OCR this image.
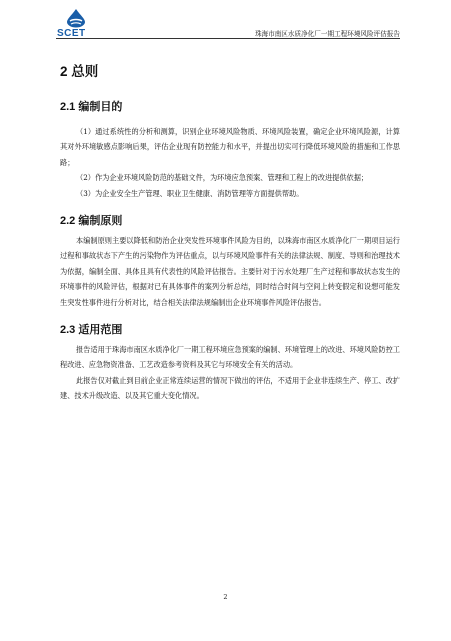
SCET	珠海市南区水质净化厂一期工程环境风险评估报告
2 总则
2.1 编制目的

（1）通过系统性的分析和测算，识别企业环境风险物质、环境风险装置，确定企业环境风险源，计算其对外环境敏感点影响后果，评估企业现有防控能力和水平，并提出切实可行降低环境风险的措施和工作思路；

（2）作为企业环境风险防范的基础文件，为环境应急预案、管理和工程上的改进提供依据；

（3）为企业安全生产管理、职业卫生健康、消防管理等方面提供帮助。

2.2 编制原则

本编制原则主要以降低和防治企业突发性环境事件风险为目的，以珠海市南区水质净化厂一期项目运行过程和事故状态下产生的污染物作为评估重点，以与环境风险事件有关的法律法规、制度、导则和治理技术为依据，编制全面、具体且具有代表性的风险评估报告。主要针对于污水处理厂生产过程和事故状态发生的环境事件的风险评估，根据对已有具体事件的案列分析总结，同时结合时间与空间上转变假定和设想可能发生突发性事件进行分析对比，结合相关法律法规编制出企业环境事件风险评估报告。

2.3 适用范围

报告适用于珠海市南区水质净化厂一期工程环境应急预案的编制、环境管理上的改进、环境风险防控工程改进、应急物资准备、工艺改造参考资料及其它与环境安全有关的活动。

此报告仅对截止到目前企业正常连续运营的情况下做出的评估，不适用于企业非连续生产、停工、改扩建、技术升级改造、以及其它重大变化情况。

2
